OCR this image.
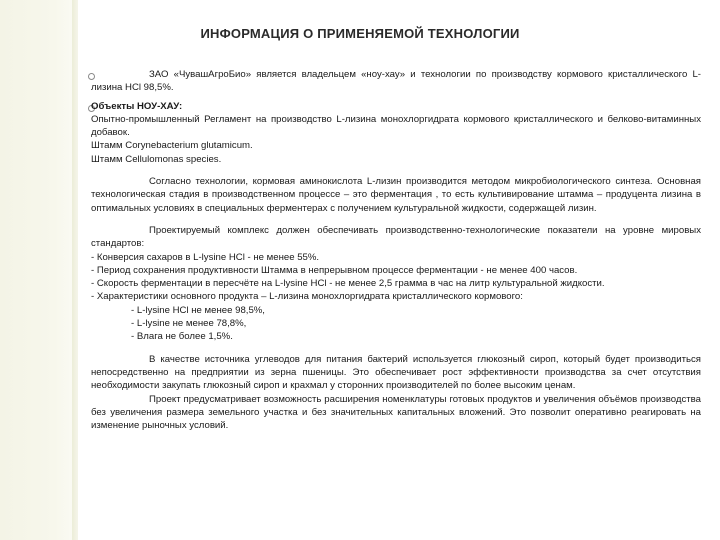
ИНФОРМАЦИЯ О ПРИМЕНЯЕМОЙ ТЕХНОЛОГИИ

ЗАО «ЧувашАгроБио» является владельцем «ноу-хау» и технологии по производству кормового кристаллического L-лизина HCl 98,5%.

Объекты НОУ-ХАУ:

Опытно-промышленный Регламент на производство L-лизина монохлоргидрата кормового кристаллического и белково-витаминных добавок.

Штамм Corynebacterium glutamicum.

Штамм Cellulomonas species.

Согласно технологии, кормовая аминокислота L-лизин производится методом микробиологического синтеза. Основная технологическая стадия в производственном процессе – это ферментация , то есть культивирование штамма – продуцента лизина в оптимальных условиях в специальных ферментерах с получением культуральной жидкости, содержащей лизин.

Проектируемый комплекс должен обеспечивать производственно-технологические показатели на уровне мировых стандартов:

- Конверсия сахаров в L-lysine HCl - не менее 55%.

- Период сохранения продуктивности Штамма в непрерывном процессе ферментации - не менее 400 часов.

- Скорость ферментации в пересчёте на L-lysine HCl - не менее 2,5 грамма в час на литр культуральной жидкости.

- Характеристики основного продукта – L-лизина монохлоргидрата кристаллического кормового:

- L-lysine HCl не менее 98,5%,

- L-lysine не менее 78,8%,

- Влага не более 1,5%.

В качестве источника углеводов для питания бактерий используется глюкозный сироп, который будет производиться непосредственно на предприятии из зерна пшеницы. Это обеспечивает рост эффективности производства за счет отсутствия необходимости закупать глюкозный сироп и крахмал у сторонних производителей по более высоким ценам.

Проект предусматривает возможность расширения номенклатуры готовых продуктов и увеличения объёмов производства без увеличения размера земельного участка и без значительных капитальных вложений. Это позволит оперативно реагировать на изменение рыночных условий.
